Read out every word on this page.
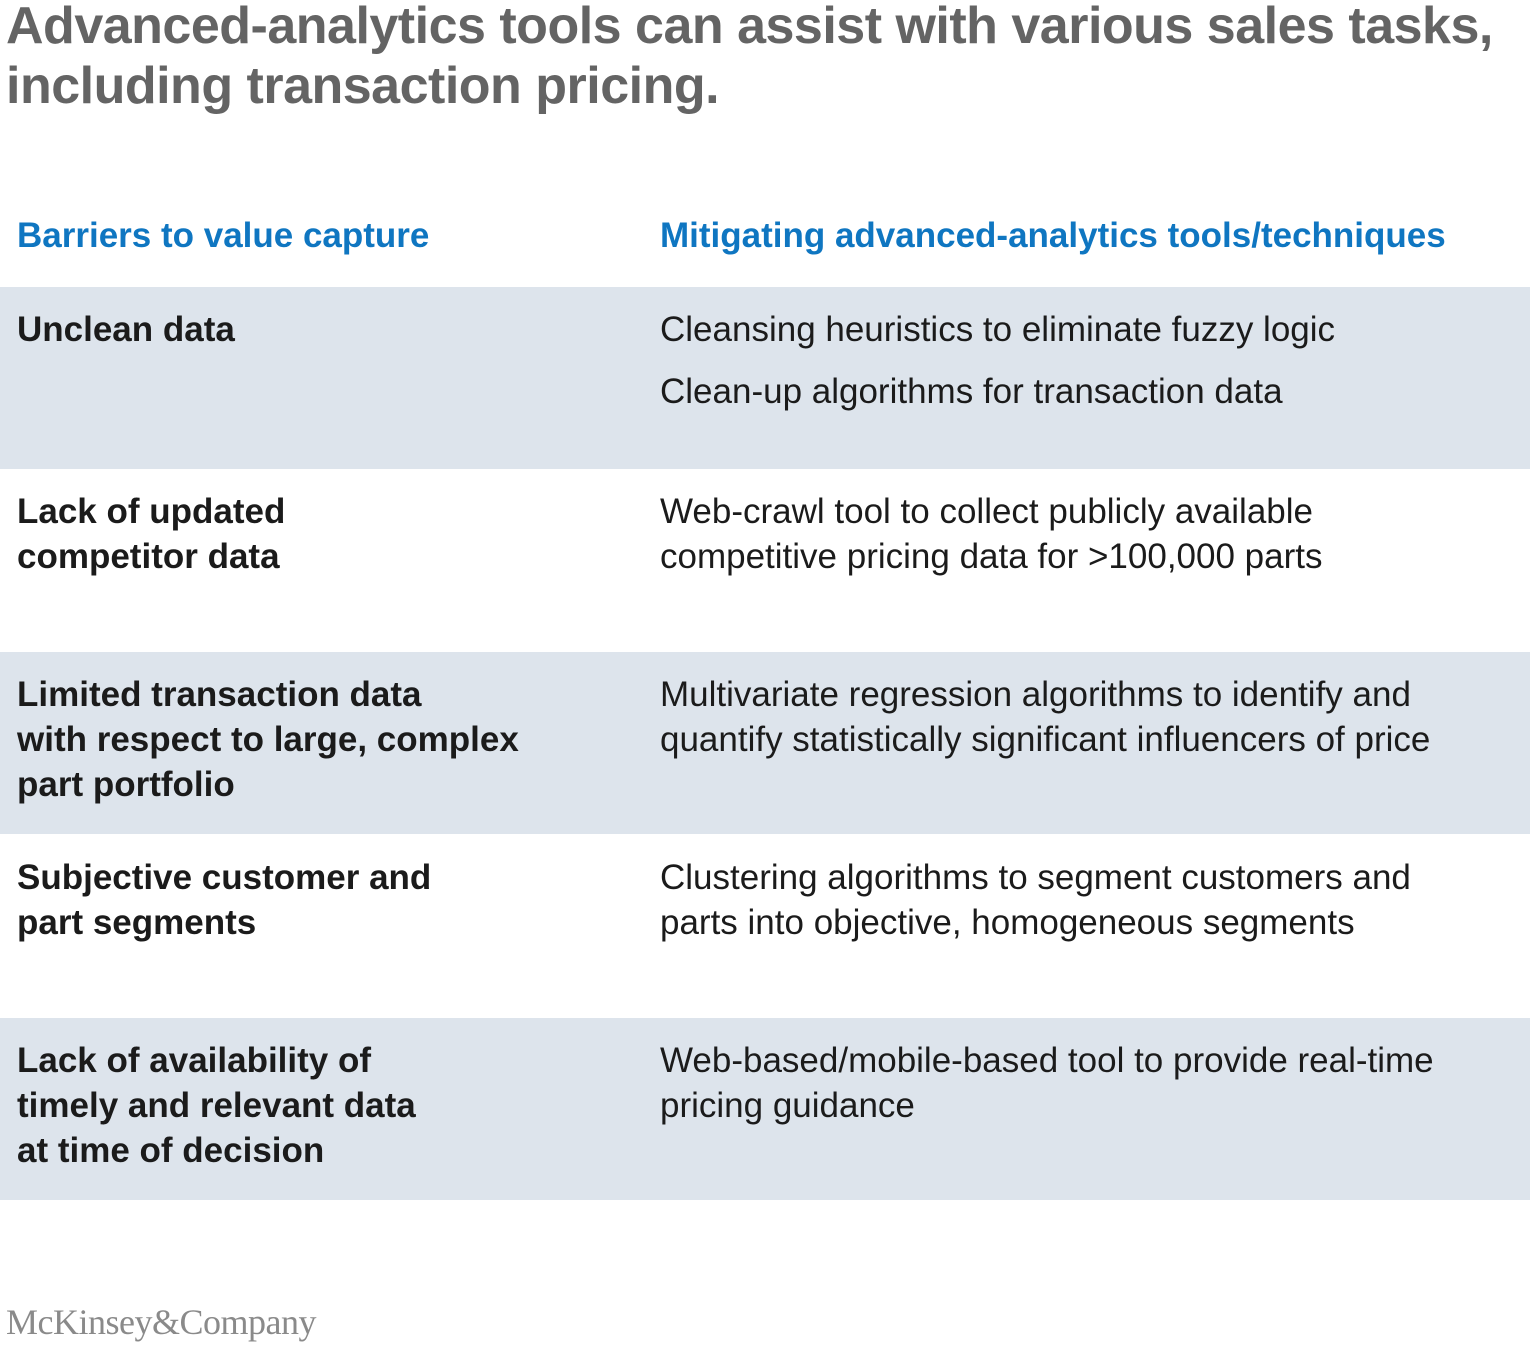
Advanced-analytics tools can assist with various sales tasks,
including transaction pricing.
Barriers to value capture	Mitigating advanced-analytics tools/techniques
Unclean data	Cleansing heuristics to eliminate fuzzy logic
Clean-up algorithms for transaction data
Lack of updated
competitor data
Web-crawl tool to collect publicly available
competitive pricing data for >100,000 parts
Limited transaction data
with respect to large, complex
part portfolio
Multivariate regression algorithms to identify and
quantify statistically significant influencers of price
Subjective customer and
part segments
Clustering algorithms to segment customers and
parts into objective, homogeneous segments
Lack of availability of
timely and relevant data
at time of decision
Web-based/mobile-based tool to provide real-time
pricing guidance
McKinsey&Company
